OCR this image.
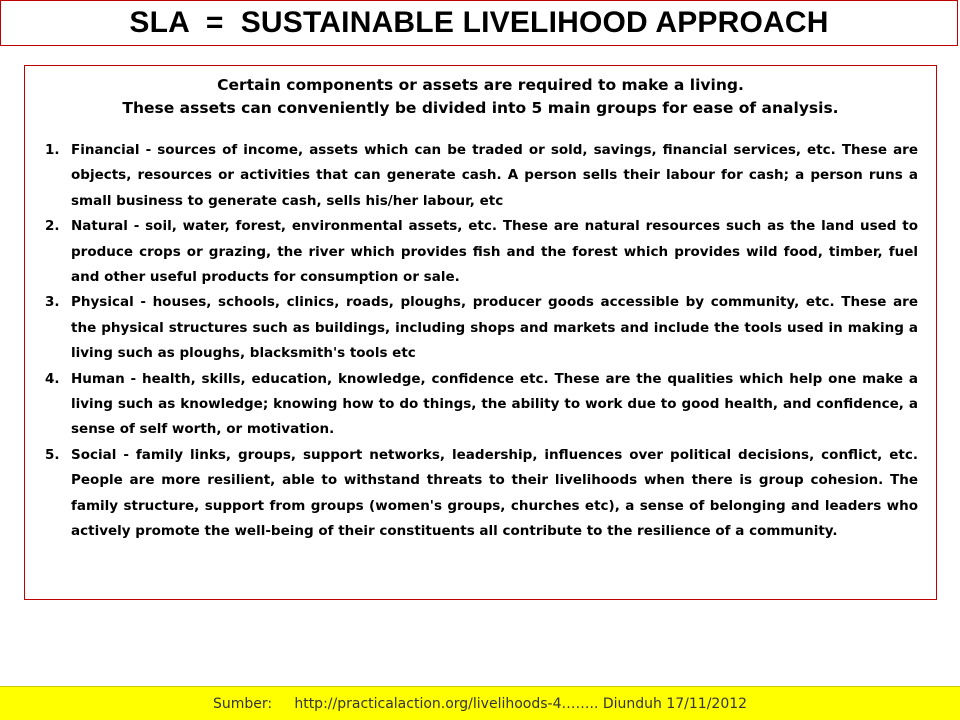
SLA  =  SUSTAINABLE LIVELIHOOD APPROACH

Certain components or assets are required to make a living.

These assets can conveniently be divided into 5 main groups for ease of analysis.

1. Financial - sources of income, assets which can be traded or sold, savings, financial services, etc. These are objects, resources or activities that can generate cash. A person sells their labour for cash; a person runs a small business to generate cash, sells his/her labour, etc
2. Natural - soil, water, forest, environmental assets, etc. These are natural resources such as the land used to produce crops or grazing, the river which provides fish and the forest which provides wild food, timber, fuel and other useful products for consumption or sale.
3. Physical - houses, schools, clinics, roads, ploughs, producer goods accessible by community, etc. These are the physical structures such as buildings, including shops and markets and include the tools used in making a living such as ploughs, blacksmith's tools etc
4. Human - health, skills, education, knowledge, confidence etc. These are the qualities which help one make a living such as knowledge; knowing how to do things, the ability to work due to good health, and confidence, a sense of self worth, or motivation.
5. Social - family links, groups, support networks, leadership, influences over political decisions, conflict, etc. People are more resilient, able to withstand threats to their livelihoods when there is group cohesion. The family structure, support from groups (women's groups, churches etc), a sense of belonging and leaders who actively promote the well-being of their constituents all contribute to the resilience of a community.
Sumber:     http://practicalaction.org/livelihoods-4…….. Diunduh 17/11/2012
